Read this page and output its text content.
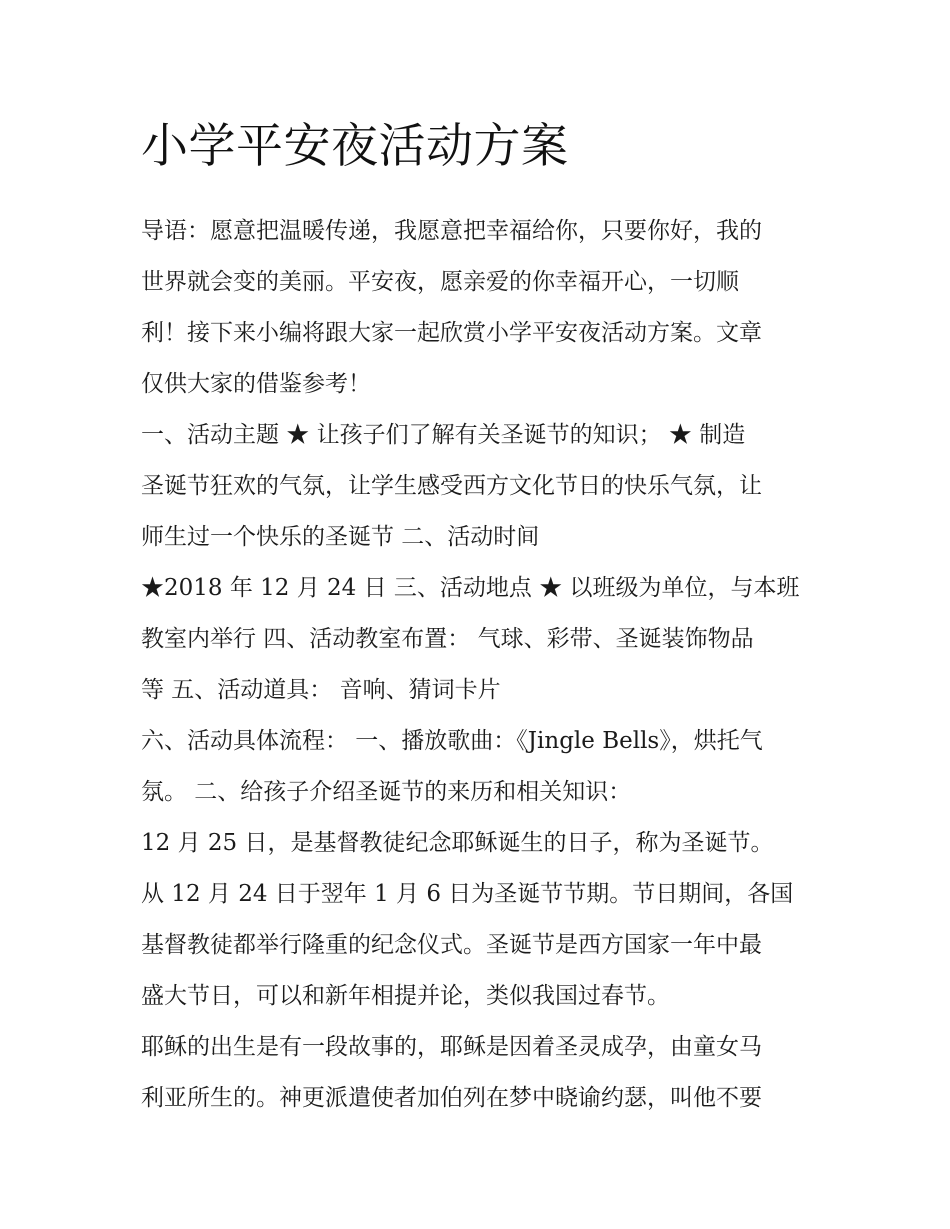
小学平安夜活动方案

导语：愿意把温暖传递，我愿意把幸福给你，只要你好，我的
世界就会变的美丽。平安夜，愿亲爱的你幸福开心，一切顺
利！接下来小编将跟大家一起欣赏小学平安夜活动方案。文章
仅供大家的借鉴参考！

一、活动主题 ★ 让孩子们了解有关圣诞节的知识； ★ 制造
圣诞节狂欢的气氛，让学生感受西方文化节日的快乐气氛，让
师生过一个快乐的圣诞节 二、活动时间

★2018 年 12 月 24 日 三、活动地点 ★ 以班级为单位，与本班
教室内举行 四、活动教室布置： 气球、彩带、圣诞装饰物品
等 五、活动道具： 音响、猜词卡片

六、活动具体流程： 一、播放歌曲：《Jingle Bells》，烘托气
氛。 二、给孩子介绍圣诞节的来历和相关知识：

12 月 25 日，是基督教徒纪念耶稣诞生的日子，称为圣诞节。
从 12 月 24 日于翌年 1 月 6 日为圣诞节节期。节日期间，各国
基督教徒都举行隆重的纪念仪式。圣诞节是西方国家一年中最
盛大节日，可以和新年相提并论，类似我国过春节。

耶稣的出生是有一段故事的，耶稣是因着圣灵成孕，由童女马
利亚所生的。神更派遣使者加伯列在梦中晓谕约瑟，叫他不要
